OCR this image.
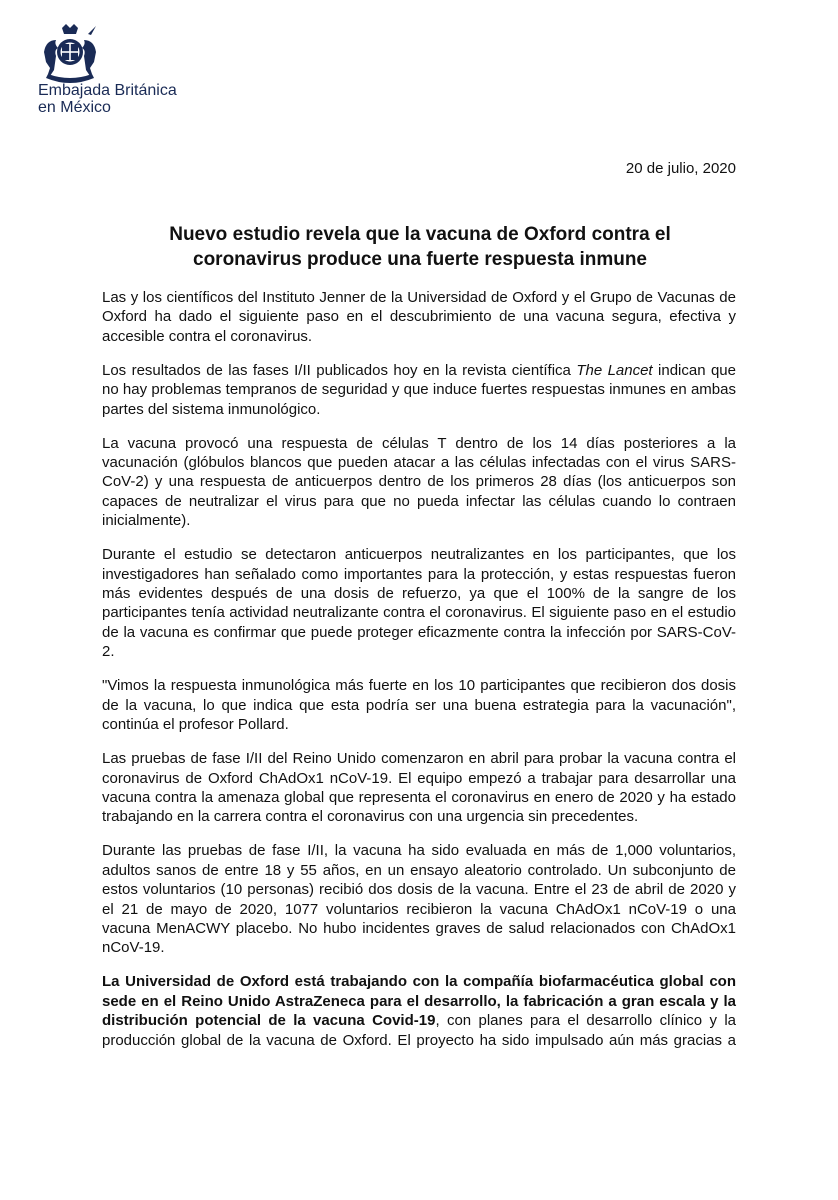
Embajada Británica
en México
20 de julio, 2020
Nuevo estudio revela que la vacuna de Oxford contra el
coronavirus produce una fuerte respuesta inmune

Las y los científicos del Instituto Jenner de la Universidad de Oxford y el Grupo de Vacunas de Oxford ha dado el siguiente paso en el descubrimiento de una vacuna segura, efectiva y accesible contra el coronavirus.

Los resultados de las fases I/II publicados hoy en la revista científica The Lancet indican que no hay problemas tempranos de seguridad y que induce fuertes respuestas inmunes en ambas partes del sistema inmunológico.

La vacuna provocó una respuesta de células T dentro de los 14 días posteriores a la vacunación (glóbulos blancos que pueden atacar a las células infectadas con el virus SARS-CoV-2) y una respuesta de anticuerpos dentro de los primeros 28 días (los anticuerpos son capaces de neutralizar el virus para que no pueda infectar las células cuando lo contraen inicialmente).

Durante el estudio se detectaron anticuerpos neutralizantes en los participantes, que los investigadores han señalado como importantes para la protección, y estas respuestas fueron más evidentes después de una dosis de refuerzo, ya que el 100% de la sangre de los participantes tenía actividad neutralizante contra el coronavirus. El siguiente paso en el estudio de la vacuna es confirmar que puede proteger eficazmente contra la infección por SARS-CoV-2.

"Vimos la respuesta inmunológica más fuerte en los 10 participantes que recibieron dos dosis de la vacuna, lo que indica que esta podría ser una buena estrategia para la vacunación", continúa el profesor Pollard.

Las pruebas de fase I/II del Reino Unido comenzaron en abril para probar la vacuna contra el coronavirus de Oxford ChAdOx1 nCoV-19. El equipo empezó a trabajar para desarrollar una vacuna contra la amenaza global que representa el coronavirus en enero de 2020 y ha estado trabajando en la carrera contra el coronavirus con una urgencia sin precedentes.

Durante las pruebas de fase I/II, la vacuna ha sido evaluada en más de 1,000 voluntarios, adultos sanos de entre 18 y 55 años, en un ensayo aleatorio controlado. Un subconjunto de estos voluntarios (10 personas) recibió dos dosis de la vacuna. Entre el 23 de abril de 2020 y el 21 de mayo de 2020, 1077 voluntarios recibieron la vacuna ChAdOx1 nCoV-19 o una vacuna MenACWY placebo. No hubo incidentes graves de salud relacionados con ChAdOx1 nCoV-19.

La Universidad de Oxford está trabajando con la compañía biofarmacéutica global con sede en el Reino Unido AstraZeneca para el desarrollo, la fabricación a gran escala y la distribución potencial de la vacuna Covid-19, con planes para el desarrollo clínico y la producción global de la vacuna de Oxford. El proyecto ha sido impulsado aún más gracias a
